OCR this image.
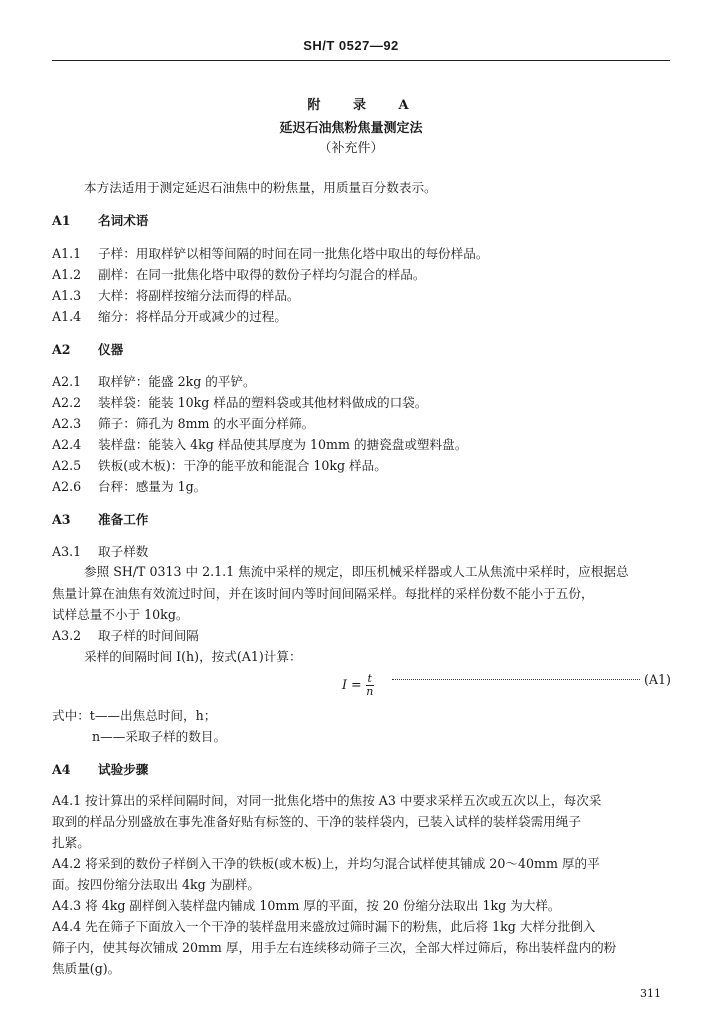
SH/T 0527—92
附 录 A
延迟石油焦粉焦量测定法
（补充件）
本方法适用于测定延迟石油焦中的粉焦量，用质量百分数表示。
A1 名词术语
A1.1 子样：用取样铲以相等间隔的时间在同一批焦化塔中取出的每份样品。
A1.2 副样：在同一批焦化塔中取得的数份子样均匀混合的样品。
A1.3 大样：将副样按缩分法而得的样品。
A1.4 缩分：将样品分开或减少的过程。
A2 仪器
A2.1 取样铲：能盛 2kg 的平铲。
A2.2 装样袋：能装 10kg 样品的塑料袋或其他材料做成的口袋。
A2.3 筛子：筛孔为 8mm 的水平面分样筛。
A2.4 装样盘：能装入 4kg 样品使其厚度为 10mm 的搪瓷盘或塑料盘。
A2.5 铁板(或木板)：干净的能平放和能混合 10kg 样品。
A2.6 台秤：感量为 1g。
A3 准备工作
A3.1 取子样数
参照 SH/T 0313 中 2.1.1 焦流中采样的规定，即压机械采样器或人工从焦流中采样时，应根据总
焦量计算在油焦有效流过时间，并在该时间内等时间间隔采样。每批样的采样份数不能小于五份，
试样总量不小于 10kg。
A3.2 取子样的时间间隔
采样的间隔时间 I(h)，按式(A1)计算：
$I = \frac{t}{n}$	(A1)
式中：t——出焦总时间，h；
n——采取子样的数目。
A4 试验步骤
A4.1 按计算出的采样间隔时间，对同一批焦化塔中的焦按 A3 中要求采样五次或五次以上，每次采
取到的样品分别盛放在事先准备好贴有标签的、干净的装样袋内，已装入试样的装样袋需用绳子
扎紧。
A4.2 将采到的数份子样倒入干净的铁板(或木板)上，并均匀混合试样使其铺成 20～40mm 厚的平
面。按四份缩分法取出 4kg 为副样。
A4.3 将 4kg 副样倒入装样盘内铺成 10mm 厚的平面，按 20 份缩分法取出 1kg 为大样。
A4.4 先在筛子下面放入一个干净的装样盘用来盛放过筛时漏下的粉焦，此后将 1kg 大样分批倒入
筛子内，使其每次铺成 20mm 厚，用手左右连续移动筛子三次，全部大样过筛后，称出装样盘内的粉
焦质量(g)。
311
